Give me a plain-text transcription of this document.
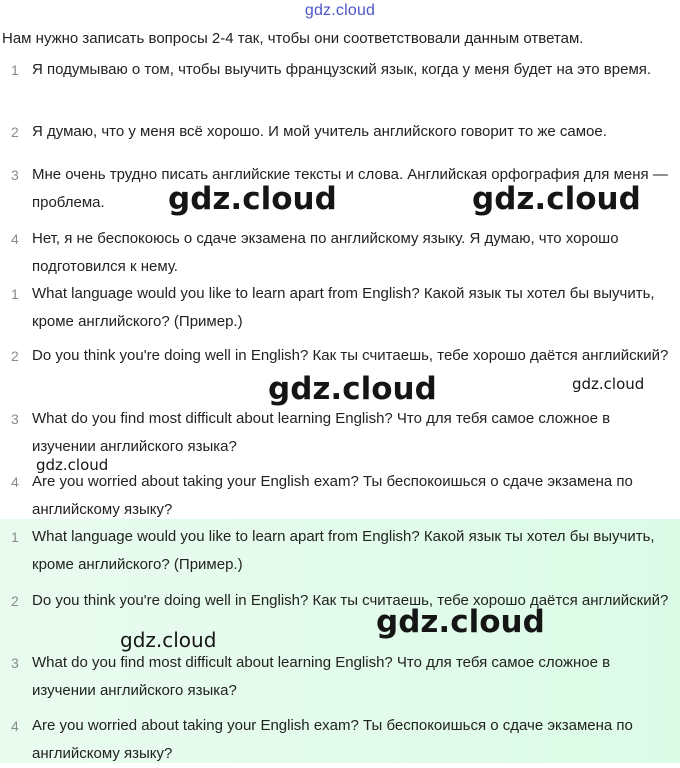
gdz.cloud
Нам нужно записать вопросы 2-4 так, чтобы они соответствовали данным ответам.
1 Я подумываю о том, чтобы выучить французский язык, когда у меня будет на это время.
2 Я думаю, что у меня всё хорошо. И мой учитель английского говорит то же самое.
3 Мне очень трудно писать английские тексты и слова. Английская орфография для меня — проблема.
4 Нет, я не беспокоюсь о сдаче экзамена по английскому языку. Я думаю, что хорошо подготовился к нему.
1 What language would you like to learn apart from English? Какой язык ты хотел бы выучить, кроме английского? (Пример.)
2 Do you think you're doing well in English? Как ты считаешь, тебе хорошо даётся английский?
3 What do you find most difficult about learning English? Что для тебя самое сложное в изучении английского языка?
4 Are you worried about taking your English exam? Ты беспокоишься о сдаче экзамена по английскому языку?
1 What language would you like to learn apart from English? Какой язык ты хотел бы выучить, кроме английского? (Пример.)
2 Do you think you're doing well in English? Как ты считаешь, тебе хорошо даётся английский?
3 What do you find most difficult about learning English? Что для тебя самое сложное в изучении английского языка?
4 Are you worried about taking your English exam? Ты беспокоишься о сдаче экзамена по английскому языку?
gdz.cloud	gdz.cloud
gdz.cloud	gdz.cloud
gdz.cloud
gdz.cloud	gdz.cloud
